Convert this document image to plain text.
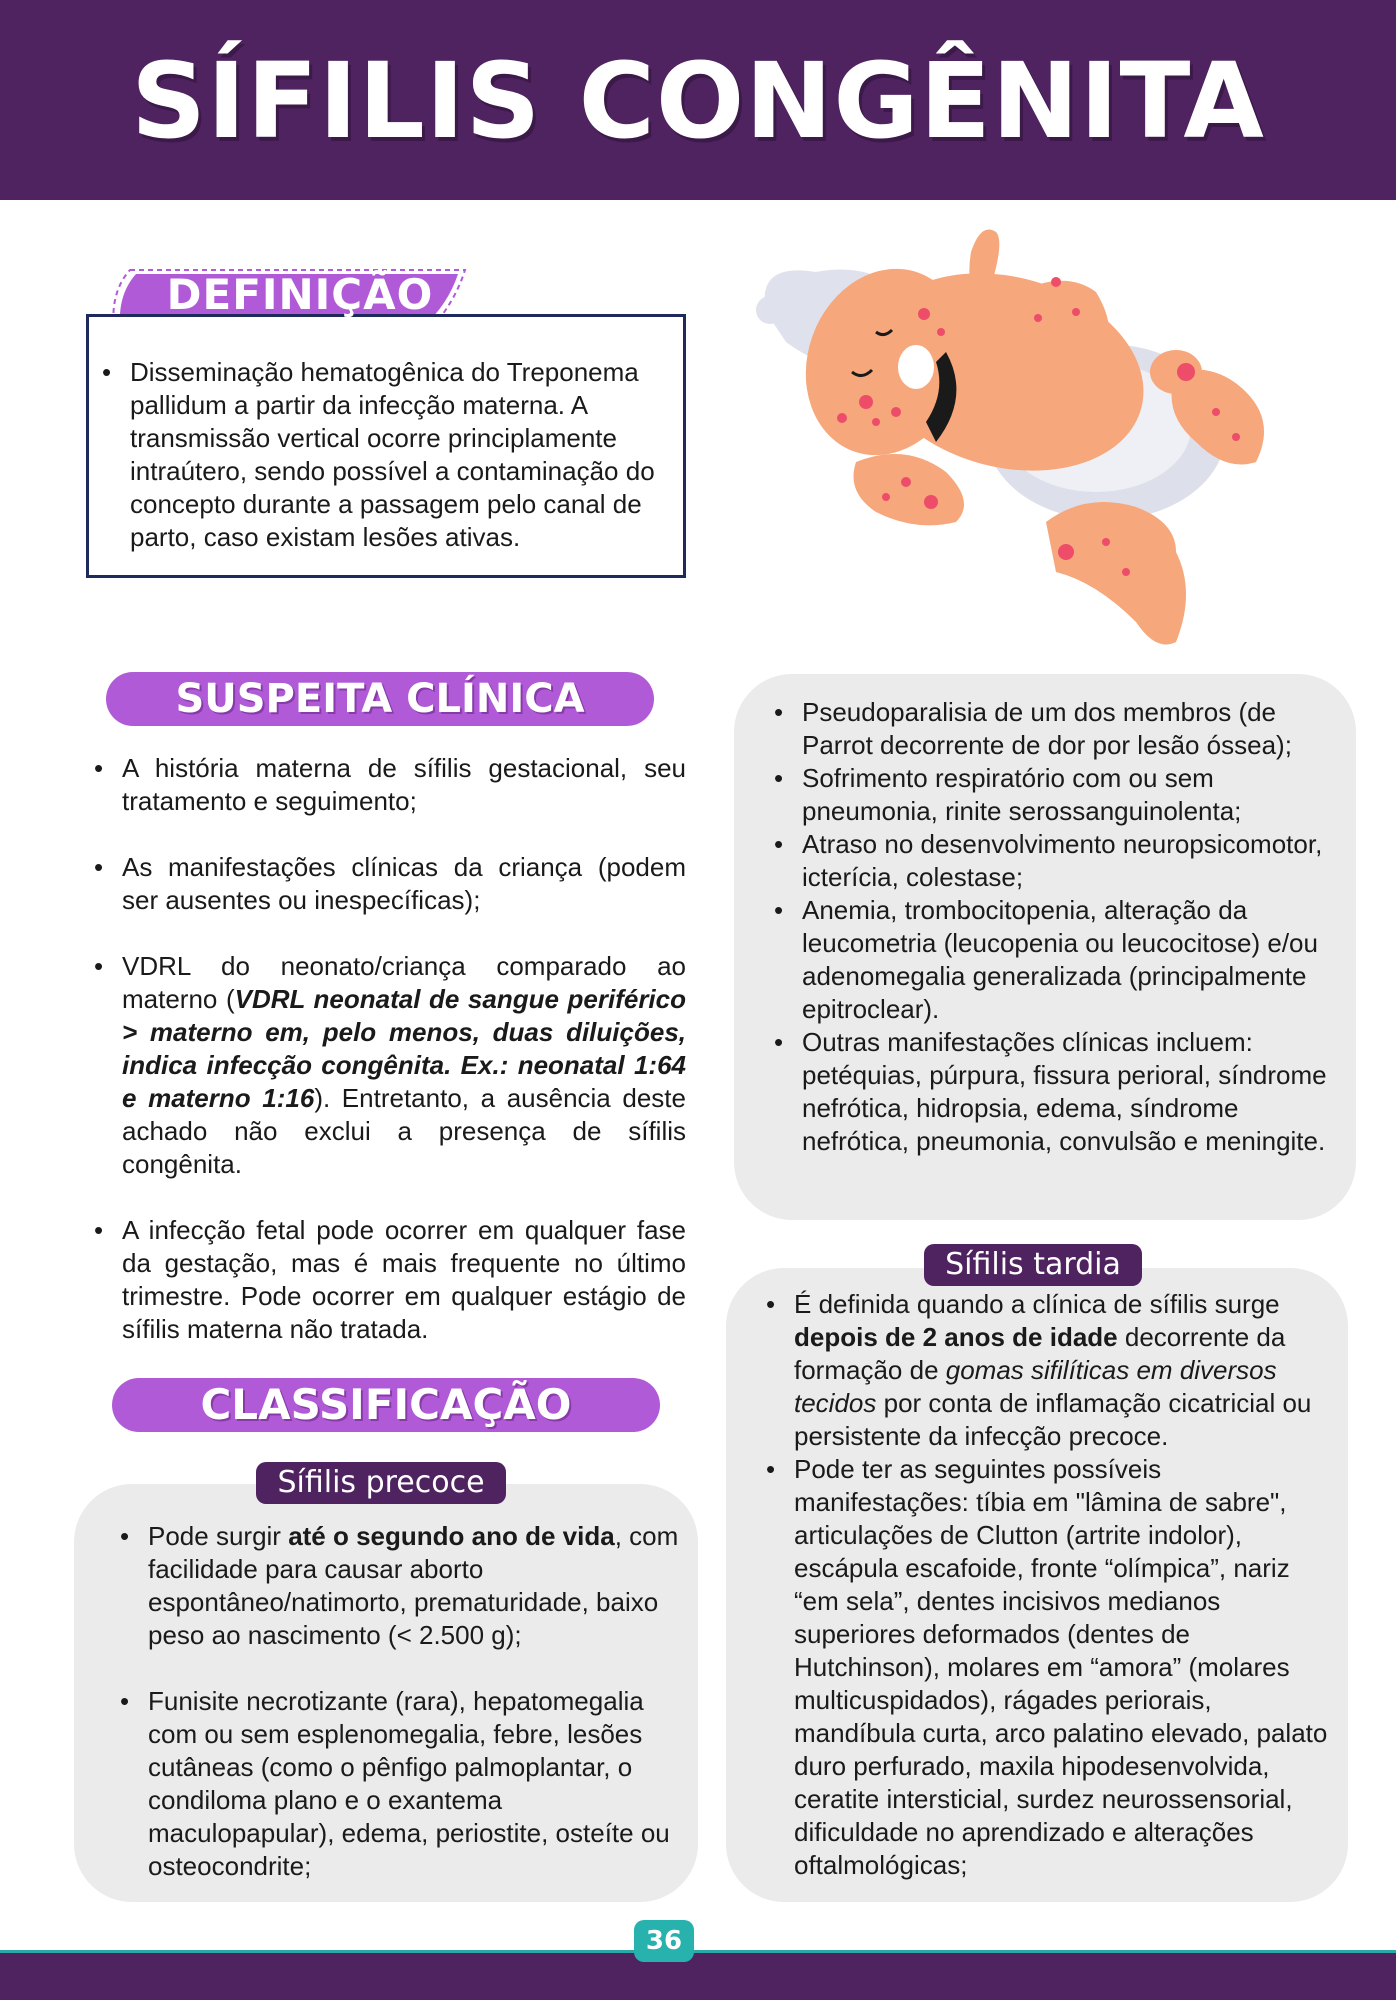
SÍFILIS CONGÊNITA
DEFINIÇÃO
• Disseminação hematogênica do Treponema pallidum a partir da infecção materna. A transmissão vertical ocorre principlamente intraútero, sendo possível a contaminação do concepto durante a passagem pelo canal de parto, caso existam lesões ativas.
SUSPEITA CLÍNICA
• A história materna de sífilis gestacional, seu tratamento e seguimento;
• As manifestações clínicas da criança (podem ser ausentes ou inespecíficas);
• VDRL do neonato/criança comparado ao materno (VDRL neonatal de sangue periférico > materno em, pelo menos, duas diluições, indica infecção congênita. Ex.: neonatal 1:64 e materno 1:16). Entretanto, a ausência deste achado não exclui a presença de sífilis congênita.
• A infecção fetal pode ocorrer em qualquer fase da gestação, mas é mais frequente no último trimestre. Pode ocorrer em qualquer estágio de sífilis materna não tratada.
• Pseudoparalisia de um dos membros (de Parrot decorrente de dor por lesão óssea);
• Sofrimento respiratório com ou sem pneumonia, rinite serossanguinolenta;
• Atraso no desenvolvimento neuropsicomotor, icterícia, colestase;
• Anemia, trombocitopenia, alteração da leucometria (leucopenia ou leucocitose) e/ou adenomegalia generalizada (principalmente epitroclear).
• Outras manifestações clínicas incluem: petéquias, púrpura, fissura perioral, síndrome nefrótica, hidropsia, edema, síndrome nefrótica, pneumonia, convulsão e meningite.
CLASSIFICAÇÃO
Sífilis precoce
• Pode surgir até o segundo ano de vida, com facilidade para causar aborto espontâneo/natimorto, prematuridade, baixo peso ao nascimento (< 2.500 g);
• Funisite necrotizante (rara), hepatomegalia com ou sem esplenomegalia, febre, lesões cutâneas (como o pênfigo palmoplantar, o condiloma plano e o exantema maculopapular), edema, periostite, osteíte ou osteocondrite;
Sífilis tardia
• É definida quando a clínica de sífilis surge depois de 2 anos de idade decorrente da formação de gomas sifilíticas em diversos tecidos por conta de inflamação cicatricial ou persistente da infecção precoce.
• Pode ter as seguintes possíveis manifestações: tíbia em "lâmina de sabre", articulações de Clutton (artrite indolor), escápula escafoide, fronte “olímpica”, nariz “em sela”, dentes incisivos medianos superiores deformados (dentes de Hutchinson), molares em “amora” (molares multicuspidados), rágades periorais, mandíbula curta, arco palatino elevado, palato duro perfurado, maxila hipodesenvolvida, ceratite intersticial, surdez neurossensorial, dificuldade no aprendizado e alterações oftalmológicas;
36
